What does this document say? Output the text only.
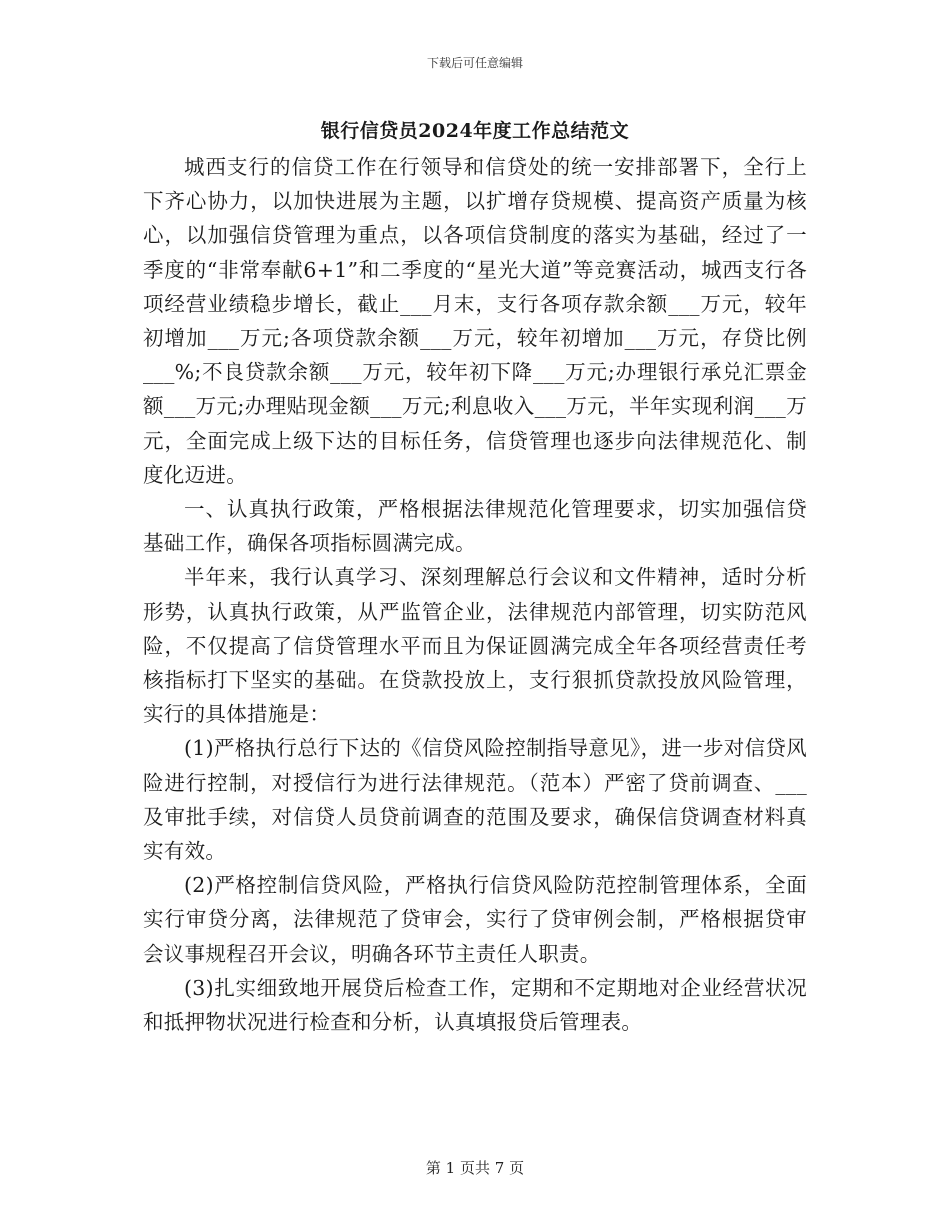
下载后可任意编辑
银行信贷员2024年度工作总结范文

城西支行的信贷工作在行领导和信贷处的统一安排部署下，全行上下齐心协力，以加快进展为主题，以扩增存贷规模、提高资产质量为核心，以加强信贷管理为重点，以各项信贷制度的落实为基础，经过了一季度的“非常奉献6+1”和二季度的“星光大道”等竞赛活动，城西支行各项经营业绩稳步增长，截止___月末，支行各项存款余额___万元，较年初增加___万元;各项贷款余额___万元，较年初增加___万元，存贷比例___%;不良贷款余额___万元，较年初下降___万元;办理银行承兑汇票金额___万元;办理贴现金额___万元;利息收入___万元，半年实现利润___万元，全面完成上级下达的目标任务，信贷管理也逐步向法律规范化、制度化迈进。

一、认真执行政策，严格根据法律规范化管理要求，切实加强信贷基础工作，确保各项指标圆满完成。

半年来，我行认真学习、深刻理解总行会议和文件精神，适时分析形势，认真执行政策，从严监管企业，法律规范内部管理，切实防范风险，不仅提高了信贷管理水平而且为保证圆满完成全年各项经营责任考核指标打下坚实的基础。在贷款投放上，支行狠抓贷款投放风险管理，实行的具体措施是：

(1)严格执行总行下达的《信贷风险控制指导意见》，进一步对信贷风险进行控制，对授信行为进行法律规范。（范本）严密了贷前调查、___及审批手续，对信贷人员贷前调查的范围及要求，确保信贷调查材料真实有效。

(2)严格控制信贷风险，严格执行信贷风险防范控制管理体系，全面实行审贷分离，法律规范了贷审会，实行了贷审例会制，严格根据贷审会议事规程召开会议，明确各环节主责任人职责。

(3)扎实细致地开展贷后检查工作，定期和不定期地对企业经营状况和抵押物状况进行检查和分析，认真填报贷后管理表。

第 1 页共 7 页
